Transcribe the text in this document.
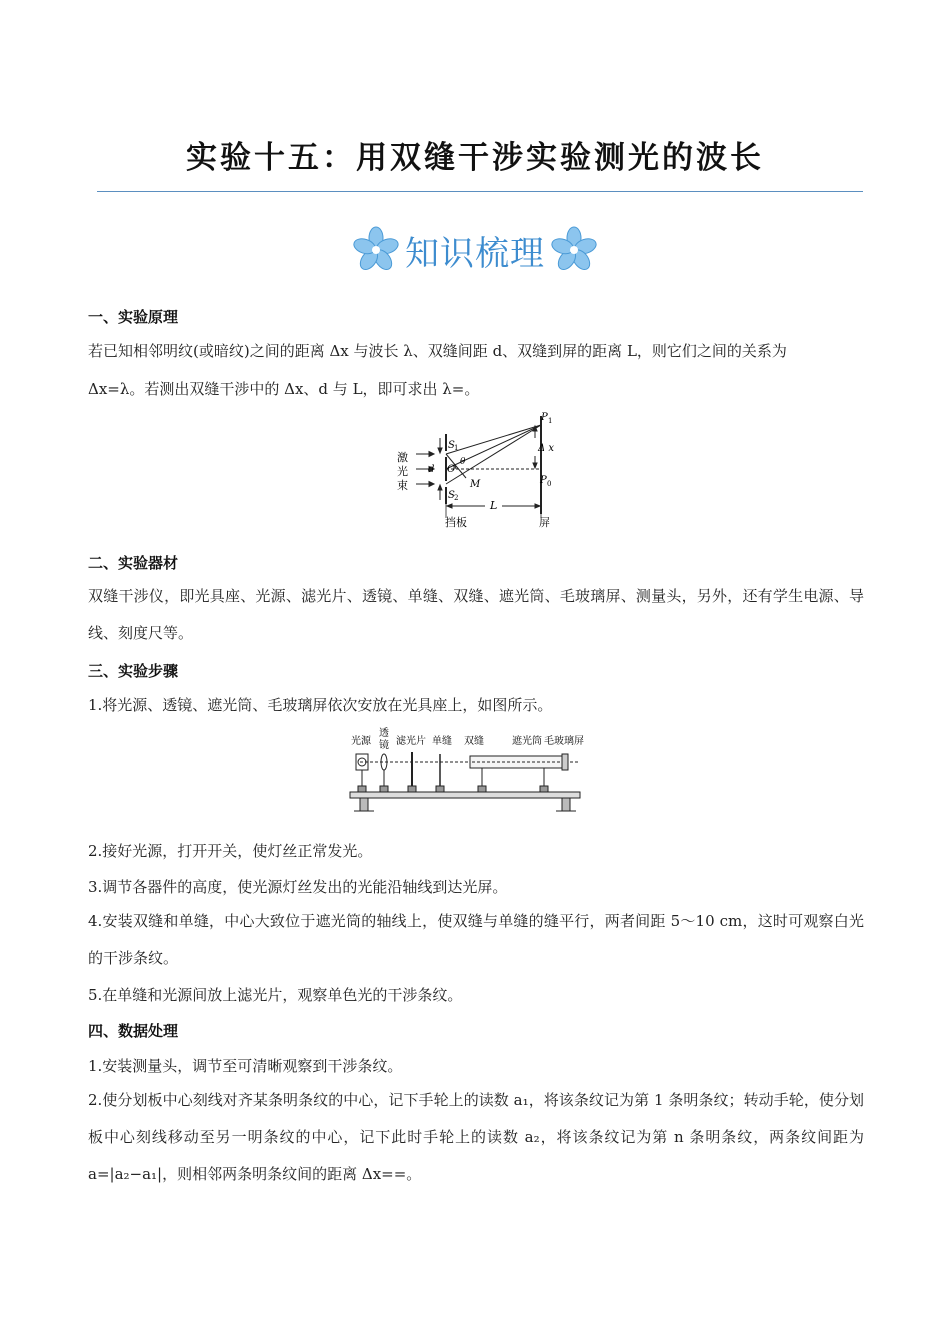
实验十五：用双缝干涉实验测光的波长
知识梳理

一、实验原理

若已知相邻明纹(或暗纹)之间的距离 Δx 与波长 λ、双缝间距 d、双缝到屏的距离 L，则它们之间的关系为

Δx=λ。若测出双缝干涉中的 Δx、d 与 L，即可求出 λ=。

激
光
束
S 1
S 2
d O
θ
M
P 1
Δ x
P 0
L
挡板	屏

二、实验器材

双缝干涉仪，即光具座、光源、滤光片、透镜、单缝、双缝、遮光筒、毛玻璃屏、测量头，另外，还有学生电源、导线、刻度尺等。

三、实验步骤

1.将光源、透镜、遮光筒、毛玻璃屏依次安放在光具座上，如图所示。

光源
透
镜 滤光片 单缝 双缝	遮光筒 毛玻璃屏

2.接好光源，打开开关，使灯丝正常发光。

3.调节各器件的高度，使光源灯丝发出的光能沿轴线到达光屏。

4.安装双缝和单缝，中心大致位于遮光筒的轴线上，使双缝与单缝的缝平行，两者间距 5～10 cm，这时可观察白光的干涉条纹。

5.在单缝和光源间放上滤光片，观察单色光的干涉条纹。

四、数据处理

1.安装测量头，调节至可清晰观察到干涉条纹。

2.使分划板中心刻线对齐某条明条纹的中心，记下手轮上的读数 a₁，将该条纹记为第 1 条明条纹；转动手轮，使分划板中心刻线移动至另一明条纹的中心，记下此时手轮上的读数 a₂，将该条纹记为第 n 条明条纹，两条纹间距为 a=|a₂−a₁|，则相邻两条明条纹间的距离 Δx==。
